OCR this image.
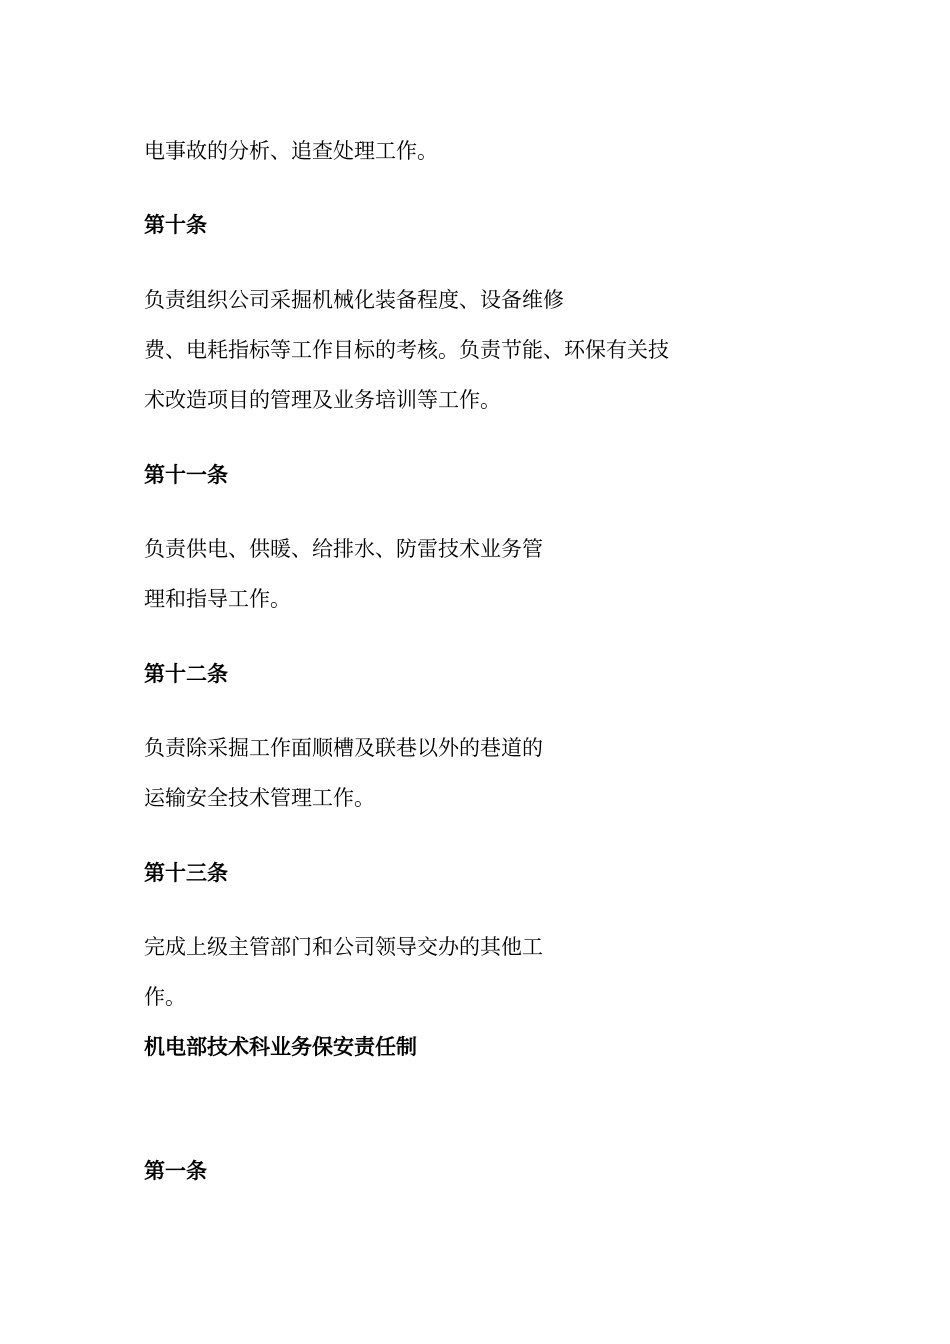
电事故的分析、追查处理工作。
第十条
负责组织公司采掘机械化装备程度、设备维修
费、电耗指标等工作目标的考核。负责节能、环保有关技
术改造项目的管理及业务培训等工作。
第十一条
负责供电、供暖、给排水、防雷技术业务管
理和指导工作。
第十二条
负责除采掘工作面顺槽及联巷以外的巷道的
运输安全技术管理工作。
第十三条
完成上级主管部门和公司领导交办的其他工
作。
机电部技术科业务保安责任制
第一条
